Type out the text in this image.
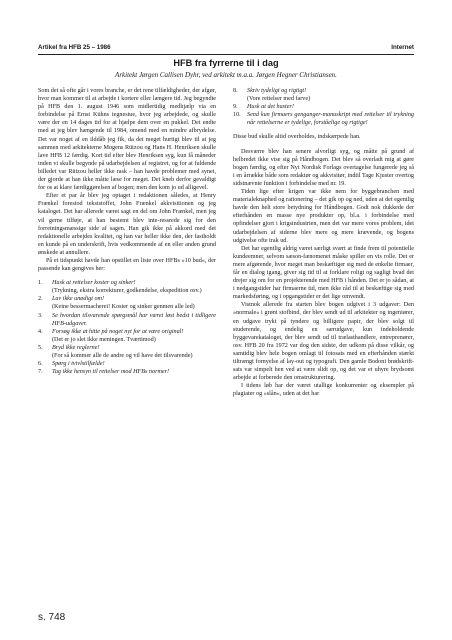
Artikel fra HFB 25 – 1986	Internet
HFB fra fyrrerne til i dag
Arkitekt Jørgen Callisen Dyhr, ved arkitekt m.a.a. Jørgen Hegner Christiansen.

Som det så ofte går i vores branche, er det rene tilfældigheder, der afgør, hvor man kommer til at arbejde i kortere eller længere tid. Jeg begyndte på HFB den 1. august 1946 som midlertidig medhjælp via en forbindelse på Ernst Kühns tegnestue, hvor jeg arbejdede, og skulle være der en 14 dages tid for at hjælpe dem over en pukkel. Det endte med at jeg blev hængende til 1984, omend med en mindre afbrydelse. Det var noget af en ilddåb jeg fik, da det meget hurtigt blev til at jeg sammen med arkitekterne Mogens Rützou og Hans H. Henriksen skulle lave HFB 12 færdig. Kort tid efter blev Henriksen syg, kun få måneder inden vi skulle begynde på udarbejdelsen af registret, og for at fuldende billedet var Rützou heller ikke rask – han havde problemer med synet, der gjorde at han ikke måtte læse for meget. Det kneb derfor gevaldigt for os at klare færdiggørelsen af bogen; men den kom jo ud alligevel.

Efter et par år blev jeg optaget i redaktionen således, at Henry Frænkel forestod tekststoffet, John Frænkel akkvisitionen og jeg kataloget. Det har allerede været sagt en del om John Frænkel, men jeg vil gerne tilføje, at han bestemt blev inte-ressrede sig for den forretningsmæssige side af sagen. Han gik ikke på akkord med det redaktionelle arbejdes kvalitet, og han var heller ikke den, der fastholdt en kunde på en underskrift, hvis vedkommende af en eller anden grund ønskede at annullere.

På et tidspunkt havde han opstillet en liste over HFBs »10 bud«, der passende kan gengives her:

1. Husk at rettelser koster og sinker!
(Trykning, ekstra korrekturer, godkendelse, ekspedition osv.)
2. Lav ikke unødigt om!
(Keine bessermacherei! Koster og sinker genmen alle led)
3. Se hvordan tilsvarende spørgsmål har været løst bedst i tidligere HFB-udgaver.
4. Forsøg ikke at hitte på noget nyt for at være original!
(Det er jo slet ikke meningen. Tværtimod)
5. Bryd ikke reglerne!
(For så kommer alle de andre og vil have det tilsvarende)
6. Spørg i tvivlstilfælde!
7. Tag ikke hensyn til rettelser mod HFBs normer!
8. Skriv tydeligt og rigtigt!
(Vore rettelser med farve)
9. Husk at det haster!
10. Send kun firmaers genganger-manuskript med rettelser til trykning når rettelserne er tydelige, forståelige og rigtige!

Disse bud skulle altid overholdes, indskærpede han.

Desværre blev han senere alvorligt syg, og måtte på grund af helbredet ikke vise sig på Håndbogen. Det blev så overladt mig at gøre bogen færdig, og efter Nyt Nordisk Forlags overtagelse fungerede jeg så i en årrække både som redaktør og akkvisitør, indtil Tage Kjuster overtog sidstnævnte funktion i forbindelse med nr. 19.

Tiden lige efter krigen var ikke nem for byggebranchen med materialeknaphed og rationering – det gik op og ned, uden at det egentlig havde den helt store betydning for Håndbogen. Godt nok dukkede der efterhånden en masse nye produkter op, bl.a. i forbindelse med opfindelser gjort i krigsindustrien, men det var mere vores problem, idet udarbejdelsen af siderne blev mere og mere krævende, og bogens udgivelse ofte trak ud.

Det har egentlig aldrig været særligt svært at finde frem til potentielle kundeemner, selvom sæson-fænomenet måske spiller en vis rolle. Det er mere afgørende, hvor meget man beskæftiger sig med de enkelte firmaer, får en dialog igang, giver sig tid til at forklare roligt og sagligt hvad det drejer sig om for en projekterende med HFB i hånden. Det er jo sådan, at i nedgangstider har firmaerne tid, men ikke råd til at beskæftige sig med markedsføring, og i opgangstider er det lige omvendt.

Vistnok allerede fra starten blev bogen udgivet i 3 udgaver: Den »normale« i grønt stofbind, der blev sendt ud til arkitekter og ingeniører, en udgave trykt på tyndere og billigere papir, der blev solgt til studerende, og endelig en særudgave, kun indeholdende byggevarekataloget, der blev sendt ud til trælasthandlere, entreprenører, osv. HFB 20 fra 1972 var dog den sidste, der udkom på disse vilkår, og samtidig blev hele bogen omlagt til fotosats med en efterhånden stærkt tiltrængt fornyelse af lay-out og typografi. Den gamle Bodoni brødskrift-sats var simpelt hen ved at være slidt op, og det var et uhyre brydsomt arbejde at forberede den omstrukturering.

I tidens løb har der været utallige konkurrenter og eksempler på plagiater og »slån«, uden at det har

s. 748
